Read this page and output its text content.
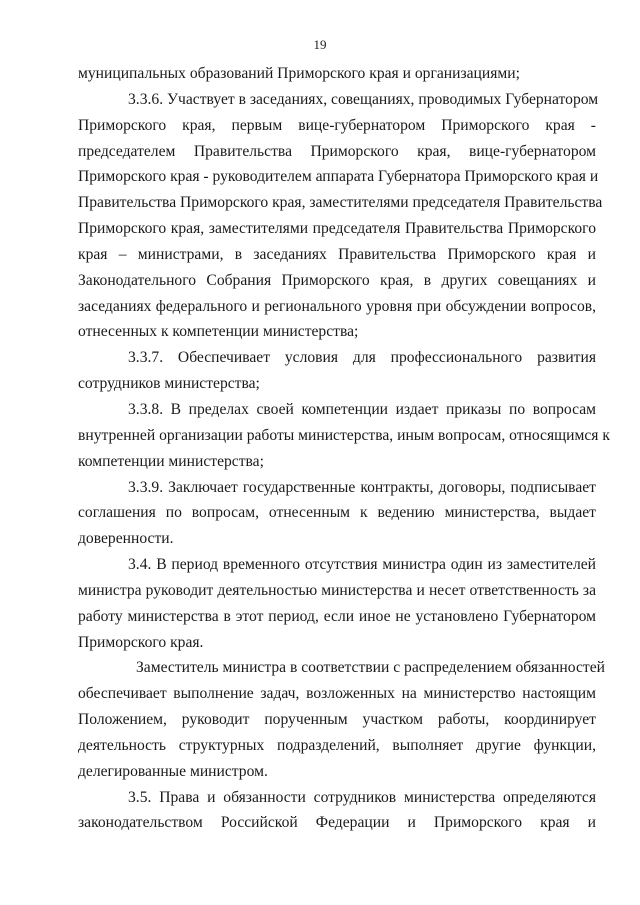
19
муниципальных образований Приморского края и организациями;
3.3.6. Участвует в заседаниях, совещаниях, проводимых Губернатором
Приморского края, первым вице-губернатором Приморского края -
председателем Правительства Приморского края, вице-губернатором
Приморского края - руководителем аппарата Губернатора Приморского края и
Правительства Приморского края, заместителями председателя Правительства
Приморского края, заместителями председателя Правительства Приморского
края – министрами, в заседаниях Правительства Приморского края и
Законодательного Собрания Приморского края, в других совещаниях и
заседаниях федерального и регионального уровня при обсуждении вопросов,
отнесенных к компетенции министерства;
3.3.7. Обеспечивает условия для профессионального развития
сотрудников министерства;
3.3.8. В пределах своей компетенции издает приказы по вопросам
внутренней организации работы министерства, иным вопросам, относящимся к
компетенции министерства;
3.3.9. Заключает государственные контракты, договоры, подписывает
соглашения по вопросам, отнесенным к ведению министерства, выдает
доверенности.
3.4. В период временного отсутствия министра один из заместителей
министра руководит деятельностью министерства и несет ответственность за
работу министерства в этот период, если иное не установлено Губернатором
Приморского края.
Заместитель министра в соответствии с распределением обязанностей
обеспечивает выполнение задач, возложенных на министерство настоящим
Положением, руководит порученным участком работы, координирует
деятельность структурных подразделений, выполняет другие функции,
делегированные министром.
3.5. Права и обязанности сотрудников министерства определяются
законодательством Российской Федерации и Приморского края и
